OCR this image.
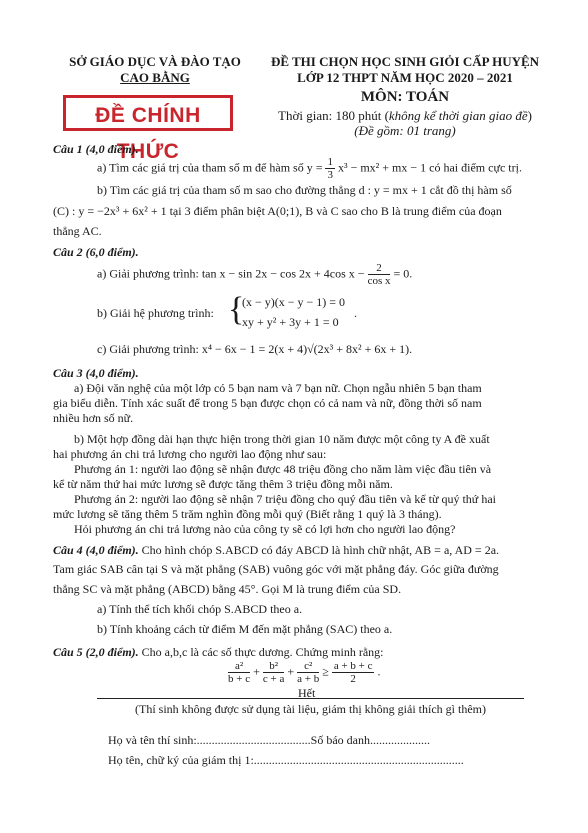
SỞ GIÁO DỤC VÀ ĐÀO TẠO
CAO BẰNG
ĐỀ THI CHỌN HỌC SINH GIỎI CẤP HUYỆN
LỚP 12 THPT NĂM HỌC 2020 – 2021
ĐỀ CHÍNH THỨC
MÔN: TOÁN
Thời gian: 180 phút (không kể thời gian giao đề)
(Đề gồm: 01 trang)
Câu 1 (4,0 điểm).
a) Tìm các giá trị của tham số m để hàm số $y = \frac{1}{3} x^3 - mx^2$ + mx − 1 có hai điểm cực trị.
b) Tìm các giá trị của tham số m sao cho đường thẳng d : y = mx + 1 cắt đồ thị hàm số
(C) : y = −2x³ + 6x² + 1 tại 3 điểm phân biệt A(0;1), B và C sao cho B là trung điểm của đoạn
thẳng AC.
Câu 2 (6,0 điểm).
a) Giải phương trình: tan x − sin 2x − cos 2x + 4cos $x - \frac{2}{\text{cos x}} = 0$.
b) Giải hệ phương trình: {
(x − y)(x − y − 1) = 0
xy + y² + 3y + 1 = 0
.
c) Giải phương trình: x⁴ − 6x − 1 = 2(x + 4)√(2x³ + 8x² + 6x + 1).
Câu 3 (4,0 điểm).
a) Đội văn nghệ của một lớp có 5 bạn nam và 7 bạn nữ. Chọn ngẫu nhiên 5 bạn tham
gia biểu diễn. Tính xác suất để trong 5 bạn được chọn có cả nam và nữ, đồng thời số nam
nhiều hơn số nữ.
b) Một hợp đồng dài hạn thực hiện trong thời gian 10 năm được một công ty A đề xuất
hai phương án chi trả lương cho người lao động như sau:
Phương án 1: người lao động sẽ nhận được 48 triệu đồng cho năm làm việc đầu tiên và
kể từ năm thứ hai mức lương sẽ được tăng thêm 3 triệu đồng mỗi năm.
Phương án 2: người lao động sẽ nhận 7 triệu đồng cho quý đầu tiên và kể từ quý thứ hai
mức lương sẽ tăng thêm 5 trăm nghìn đồng mỗi quý (Biết rằng 1 quý là 3 tháng).
Hỏi phương án chi trả lương nào của công ty sẽ có lợi hơn cho người lao động?
Câu 4 (4,0 điểm). Cho hình chóp S.ABCD có đáy ABCD là hình chữ nhật, AB = a, AD = 2a.
Tam giác SAB cân tại S và mặt phẳng (SAB) vuông góc với mặt phẳng đáy. Góc giữa đường
thẳng SC và mặt phẳng (ABCD) bằng 45°. Gọi M là trung điểm của SD.
a) Tính thể tích khối chóp S.ABCD theo a.
b) Tính khoảng cách từ điểm M đến mặt phẳng (SAC) theo a.
Câu 5 (2,0 điểm). Cho a,b,c là các số thực dương. Chứng minh rằng:
$\frac{\text{a²}}{b + c} + \frac{\text{b²}}{c + a} + \frac{\text{c²}}{a + b} \ge \frac{a + b + c}{2}$ .
Hết
(Thí sinh không được sử dụng tài liệu, giám thị không giải thích gì thêm)
Họ và tên thí sinh:......................................Số báo danh....................
Họ tên, chữ ký của giám thị 1:......................................................................
